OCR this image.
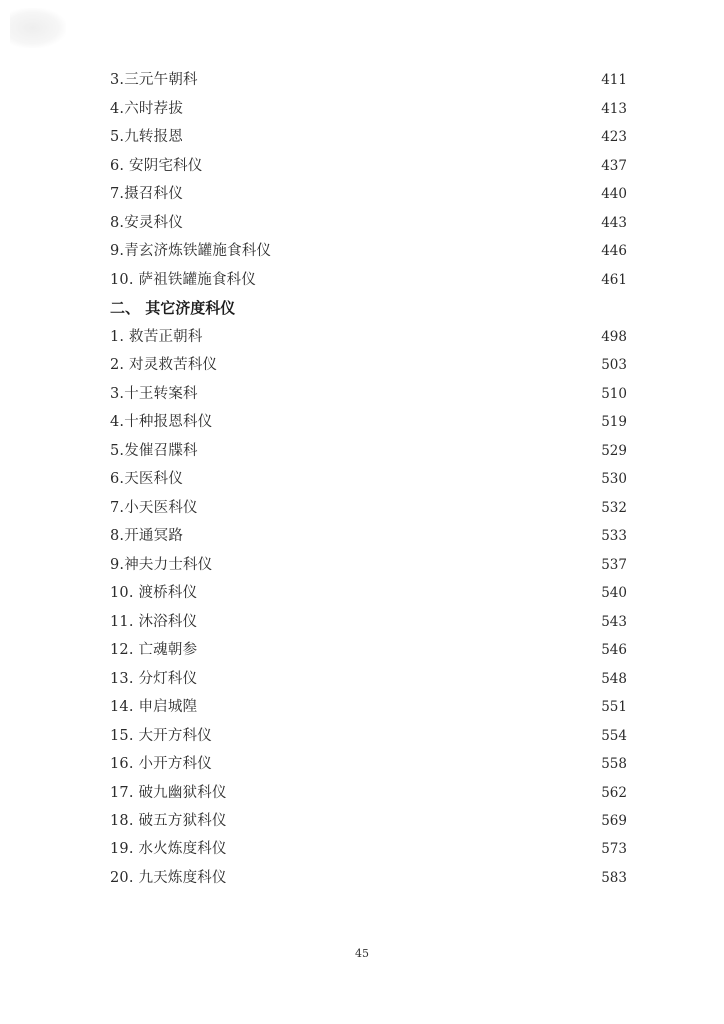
3.三元午朝科	411
4.六时荐拔	413
5.九转报恩	423
6. 安阴宅科仪	437
7.摄召科仪	440
8.安灵科仪	443
9.青玄济炼铁罐施食科仪	446
10. 萨祖铁罐施食科仪	461
二、 其它济度科仪
1. 救苦正朝科	498
2. 对灵救苦科仪	503
3.十王转案科	510
4.十种报恩科仪	519
5.发催召牒科	529
6.天医科仪	530
7.小天医科仪	532
8.开通冥路	533
9.神夫力士科仪	537
10. 渡桥科仪	540
11. 沐浴科仪	543
12. 亡魂朝参	546
13. 分灯科仪	548
14. 申启城隍	551
15. 大开方科仪	554
16. 小开方科仪	558
17. 破九幽狱科仪	562
18. 破五方狱科仪	569
19. 水火炼度科仪	573
20. 九天炼度科仪	583
45
